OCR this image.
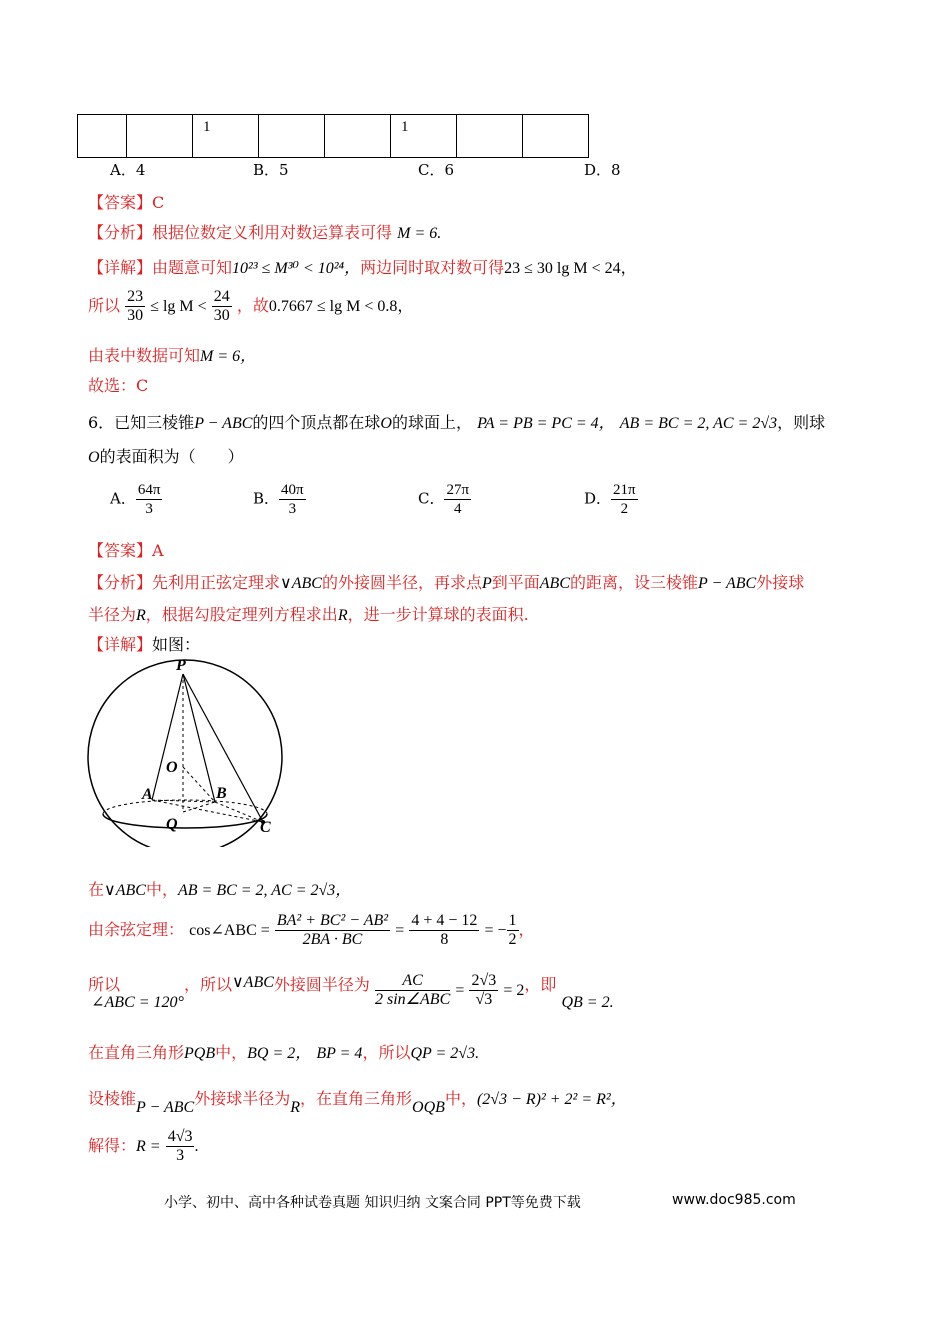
		1			1		
A．4	B．5	C．6	D．8
【答案】C
【分析】根据位数定义利用对数运算表可得 M = 6.
【详解】由题意可知10²³ ≤ M³⁰ < 10²⁴，两边同时取对数可得23 ≤ 30 lg M < 24，
所以 $\frac{23}{30} \le \lg M < \frac{24}{30}$ ，故0.7667 ≤ lg M < 0.8，
由表中数据可知M = 6，
故选：C
6．已知三棱锥P − ABC的四个顶点都在球O的球面上， PA = PB = PC = 4， AB = BC = 2, AC = 2√3，则球
O的表面积为（　　）
A． $\frac{64\pi}{3}$	B． $\frac{40\pi}{3}$	C． $\frac{27\pi}{4}$	D． $\frac{21\pi}{2}$
【答案】A
【分析】先利用正弦定理求∨ABC的外接圆半径，再求点P到平面ABC的距离，设三棱锥P − ABC外接球
半径为R，根据勾股定理列方程求出R，进一步计算球的表面积.
【详解】如图：
P
O
A	B
Q	C
在∨ABC中，AB = BC = 2, AC = 2√3，
由余弦定理： cos∠ABC = $\frac{\text{BA² + BC² − AB²}}{2BA \cdot BC} = \frac{4 + 4 - 12}{8}$ = − $\frac{1}{2}$ ，
所以 ∠ABC = 120°，所以∨ABC外接圆半径为 $\frac{AC}{\text{2 sin∠ABC}} = \frac{2√3}{√3} = 2$，即 QB = 2.
在直角三角形PQB中，BQ = 2， BP = 4，所以QP = 2√3.
设棱锥P − ABC外接球半径为R，在直角三角形OQB中，(2√3 − R)² + 2² = R²，
解得：$R = \frac{4√3}{3}$ .
小学、初中、高中各种试卷真题 知识归纳 文案合同 PPT等免费下载	www.doc985.com
